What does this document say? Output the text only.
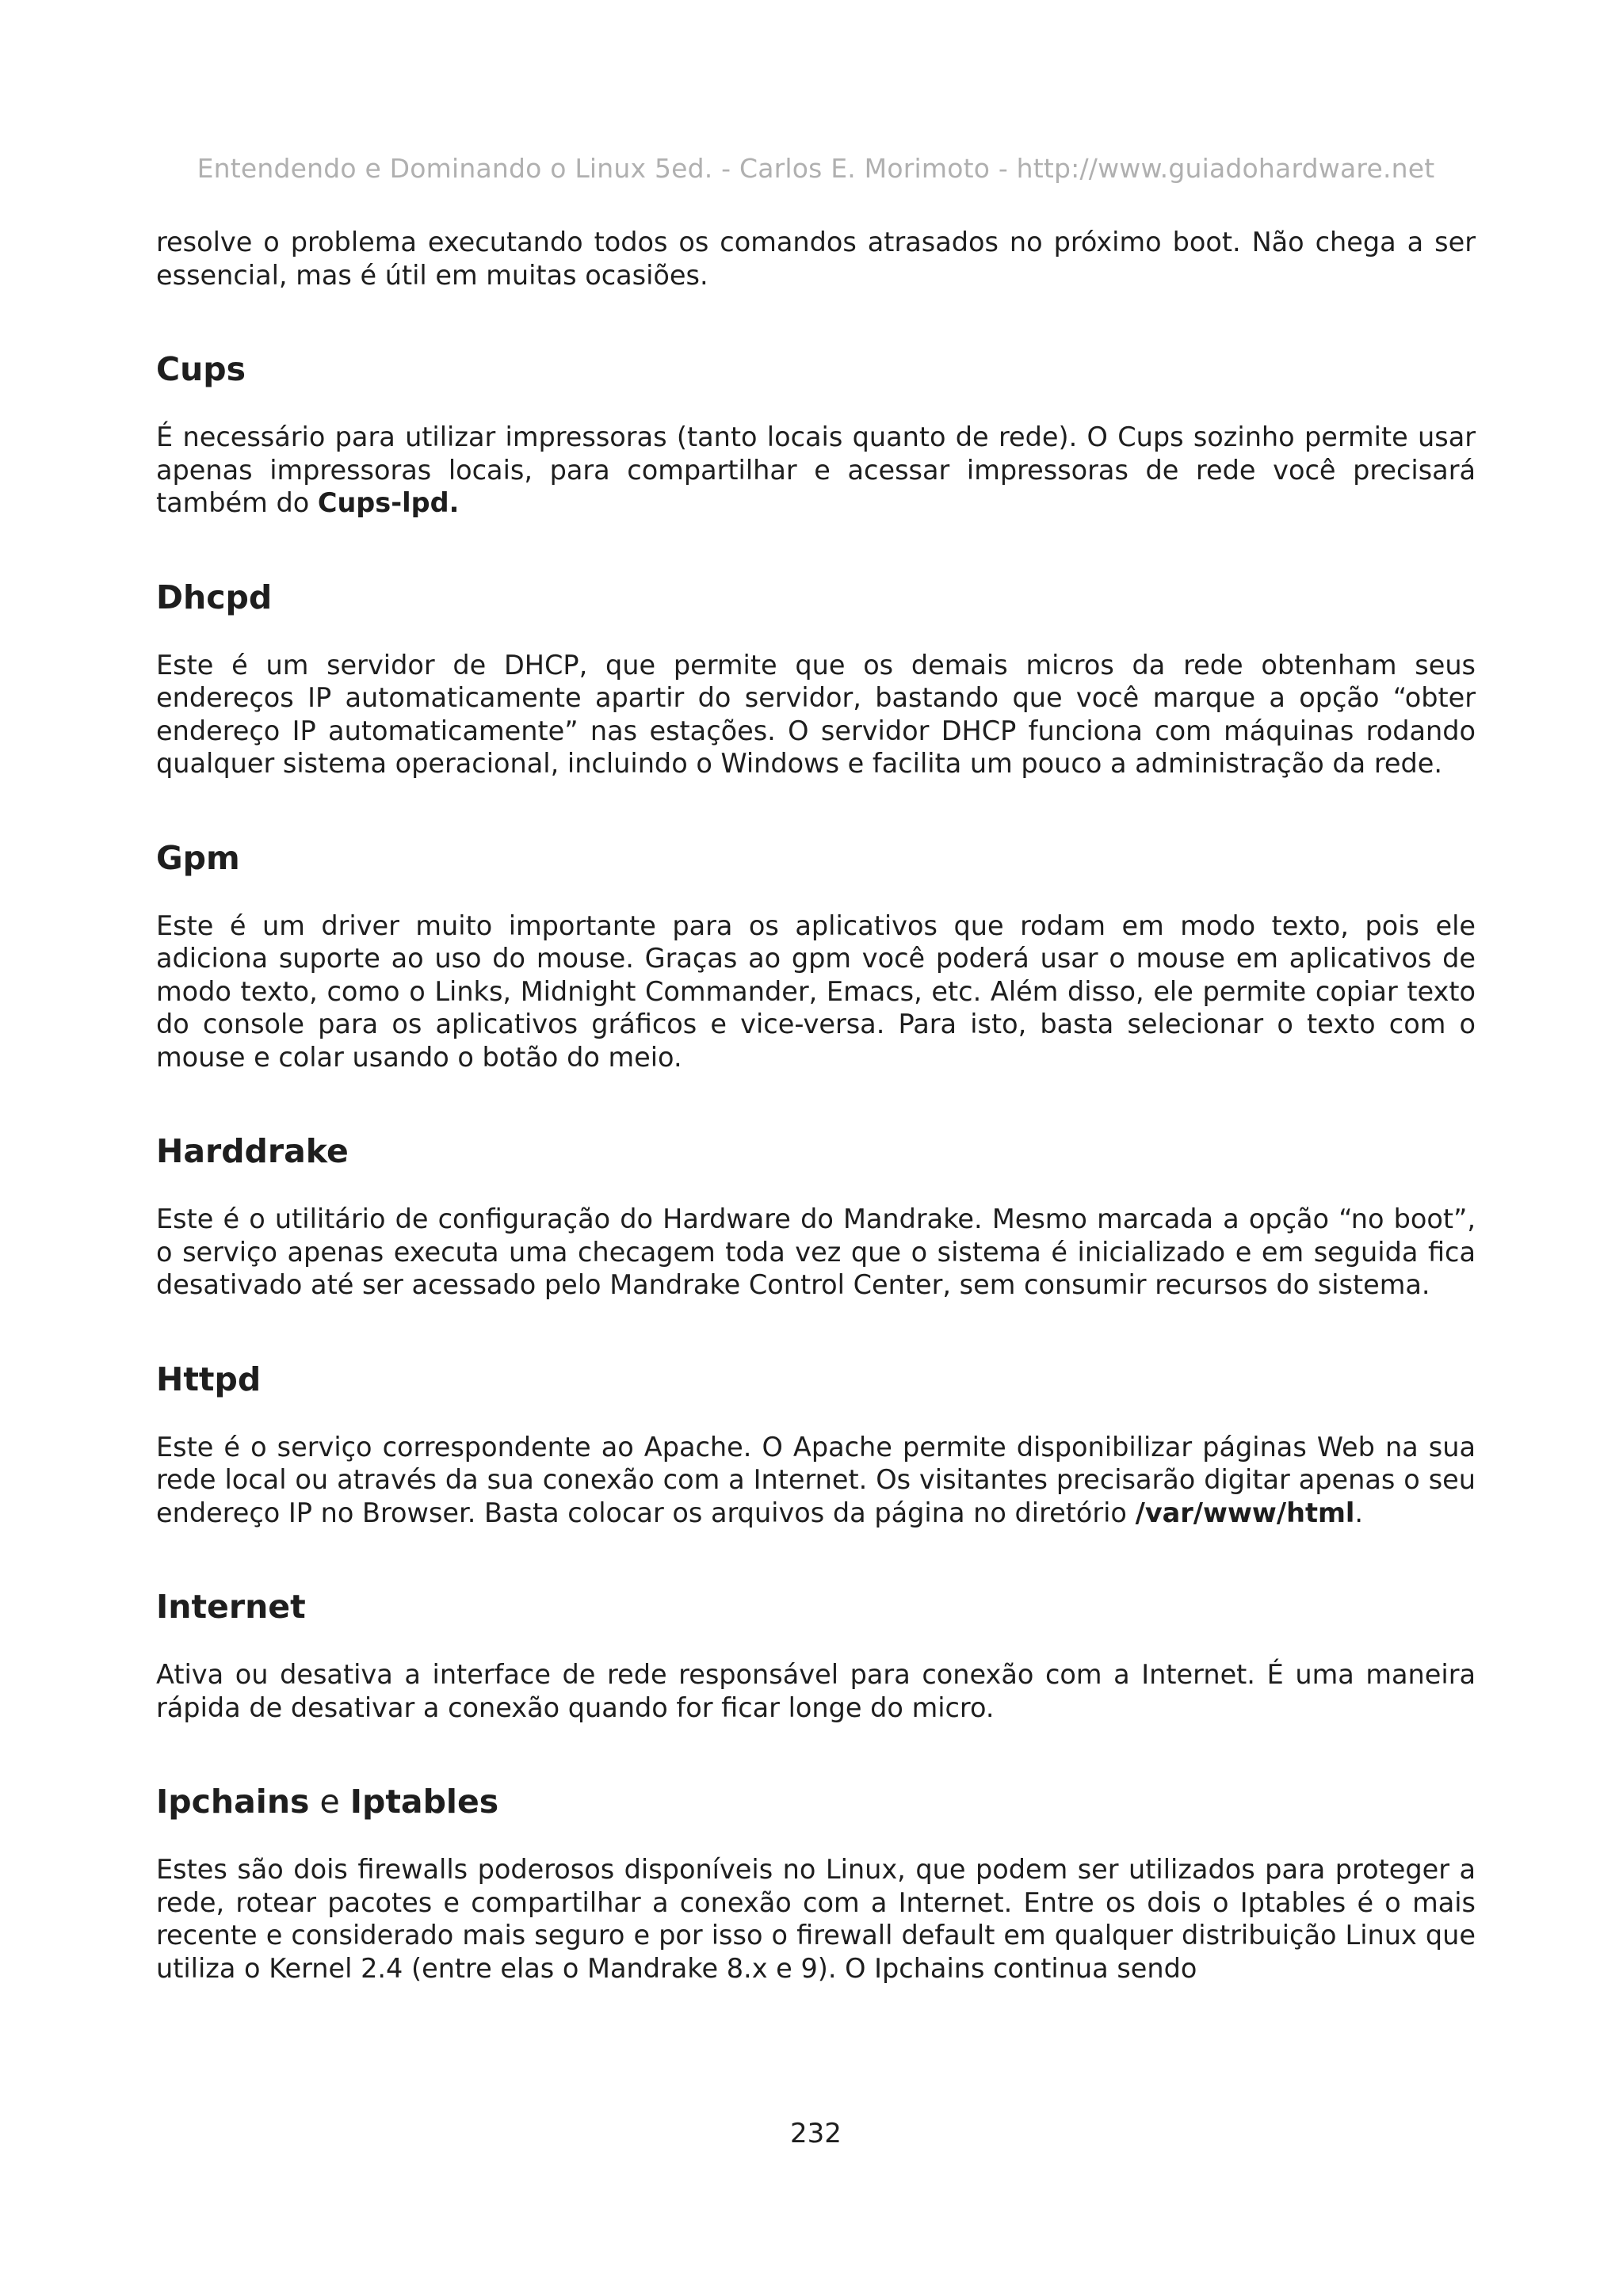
Entendendo e Dominando o Linux 5ed. - Carlos E. Morimoto - http://www.guiadohardware.net

resolve o problema executando todos os comandos atrasados no próximo boot. Não chega a ser essencial, mas é útil em muitas ocasiões.

Cups

É necessário para utilizar impressoras (tanto locais quanto de rede). O Cups sozinho permite usar apenas impressoras locais, para compartilhar e acessar impressoras de rede você precisará também do Cups-lpd.

Dhcpd

Este é um servidor de DHCP, que permite que os demais micros da rede obtenham seus endereços IP automaticamente apartir do servidor, bastando que você marque a opção “obter endereço IP automaticamente” nas estações. O servidor DHCP funciona com máquinas rodando qualquer sistema operacional, incluindo o Windows e facilita um pouco a administração da rede.

Gpm

Este é um driver muito importante para os aplicativos que rodam em modo texto, pois ele adiciona suporte ao uso do mouse. Graças ao gpm você poderá usar o mouse em aplicativos de modo texto, como o Links, Midnight Commander, Emacs, etc. Além disso, ele permite copiar texto do console para os aplicativos gráficos e vice-versa. Para isto, basta selecionar o texto com o mouse e colar usando o botão do meio.

Harddrake

Este é o utilitário de configuração do Hardware do Mandrake. Mesmo marcada a opção “no boot”, o serviço apenas executa uma checagem toda vez que o sistema é inicializado e em seguida fica desativado até ser acessado pelo Mandrake Control Center, sem consumir recursos do sistema.

Httpd

Este é o serviço correspondente ao Apache. O Apache permite disponibilizar páginas Web na sua rede local ou através da sua conexão com a Internet. Os visitantes precisarão digitar apenas o seu endereço IP no Browser. Basta colocar os arquivos da página no diretório /var/www/html.

Internet

Ativa ou desativa a interface de rede responsável para conexão com a Internet. É uma maneira rápida de desativar a conexão quando for ficar longe do micro.

Ipchains e Iptables

Estes são dois firewalls poderosos disponíveis no Linux, que podem ser utilizados para proteger a rede, rotear pacotes e compartilhar a conexão com a Internet. Entre os dois o Iptables é o mais recente e considerado mais seguro e por isso o firewall default em qualquer distribuição Linux que utiliza o Kernel 2.4 (entre elas o Mandrake 8.x e 9). O Ipchains continua sendo

232
